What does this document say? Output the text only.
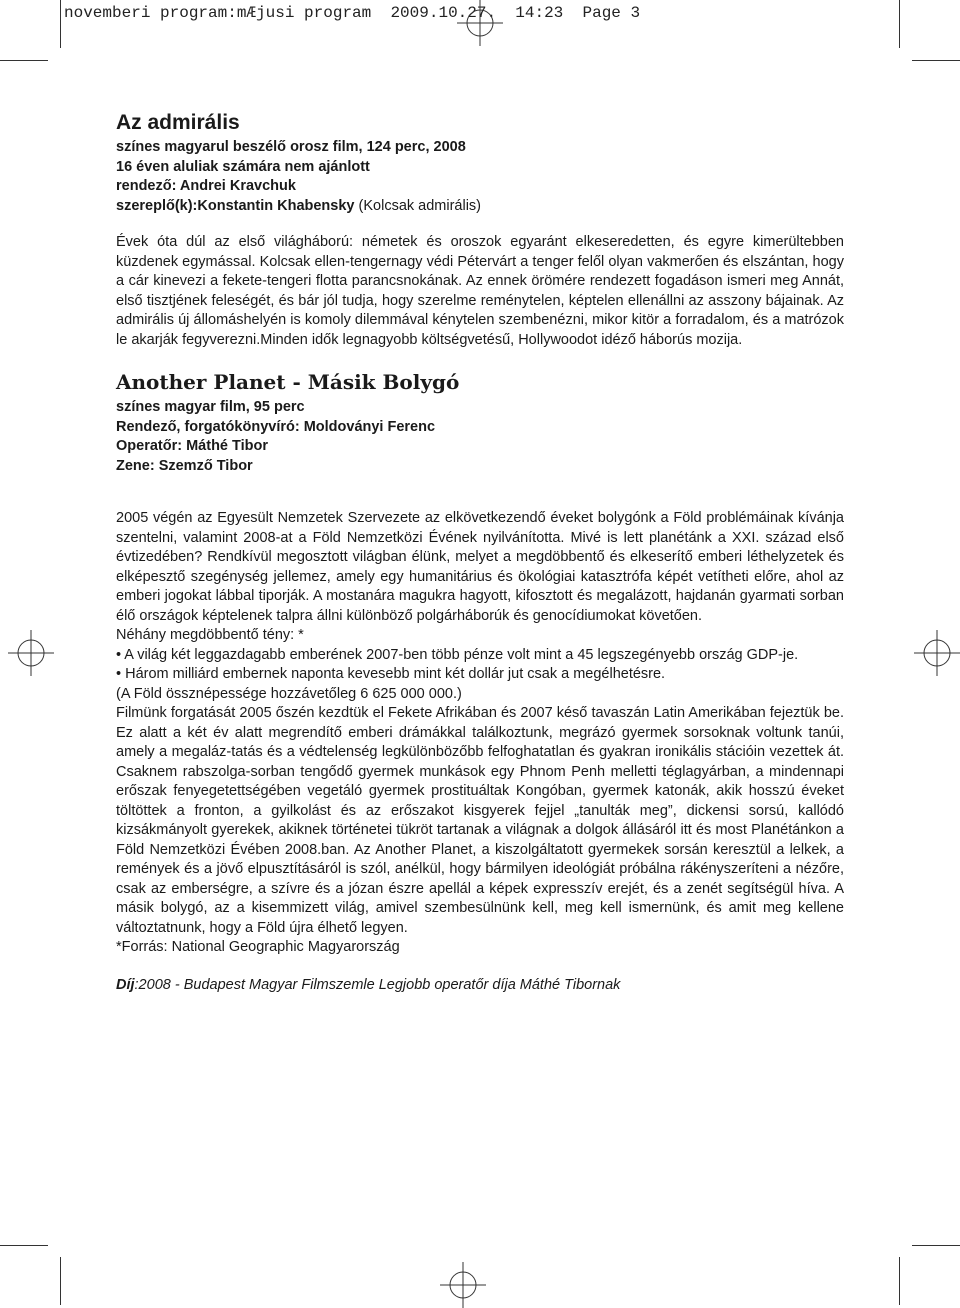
novemberi program:mÆjusi program  2009.10.27.  14:23  Page 3
Az admirális
színes magyarul beszélő orosz film, 124 perc, 2008
16 éven aluliak számára nem ajánlott
rendező: Andrei Kravchuk
szereplő(k):Konstantin Khabensky (Kolcsak admirális)

Évek óta dúl az első világháború: németek és oroszok egyaránt elkeseredetten, és egyre kimerültebben küzdenek egymással. Kolcsak ellen-tengernagy védi Pétervárt a tenger felől olyan vakmerően és elszántan, hogy a cár kinevezi a fekete-tengeri flotta parancsnokának. Az ennek örömére rendezett fogadáson ismeri meg Annát, első tisztjének feleségét, és bár jól tudja, hogy szerelme reménytelen, képtelen ellenállni az asszony bájainak. Az admirális új állomáshelyén is komoly dilemmával kénytelen szembenézni, mikor kitör a forradalom, és a matrózok le akarják fegyverezni.Minden idők legnagyobb költségvetésű, Hollywoodot idéző háborús mozija.

Another Planet - Másik Bolygó
színes magyar film, 95 perc
Rendező, forgatókönyvíró: Moldoványi Ferenc
Operatőr: Máthé Tibor
Zene: Szemző Tibor

2005 végén az Egyesült Nemzetek Szervezete az elkövetkezendő éveket bolygónk a Föld problémáinak kívánja szentelni, valamint 2008-at a Föld Nemzetközi Évének nyilvánította. Mivé is lett planétánk a XXI. század első évtizedében? Rendkívül megosztott világban élünk, melyet a megdöbbentő és elkeserítő emberi léthelyzetek és elképesztő szegénység jellemez, amely egy humanitárius és ökológiai katasztrófa képét vetítheti előre, ahol az emberi jogokat lábbal tiporják. A mostanára magukra hagyott, kifosztott és megalázott, hajdanán gyarmati sorban élő országok képtelenek talpra állni különböző polgárháborúk és genocídiumokat követően.

Néhány megdöbbentő tény: *

• A világ két leggazdagabb emberének 2007-ben több pénze volt mint a 45 legszegényebb ország GDP-je.

• Három milliárd embernek naponta kevesebb mint két dollár jut csak a megélhetésre.

(A Föld össznépessége hozzávetőleg 6 625 000 000.)

Filmünk forgatását 2005 őszén kezdtük el Fekete Afrikában és 2007 késő tavaszán Latin Amerikában fejeztük be. Ez alatt a két év alatt megrendítő emberi drámákkal találkoztunk, megrázó gyermek sorsoknak voltunk tanúi, amely a megaláz-tatás és a védtelenség legkülönbözőbb felfoghatatlan és gyakran ironikális stációin vezettek át. Csaknem rabszolga-sorban tengődő gyermek munkások egy Phnom Penh melletti téglagyárban, a mindennapi erőszak fenyegetettségében vegetáló gyermek prostituáltak Kongóban, gyermek katonák, akik hosszú éveket töltöttek a fronton, a gyilkolást és az erőszakot kisgyerek fejjel „tanulták meg”, dickensi sorsú, kallódó kizsákmányolt gyerekek, akiknek történetei tükröt tartanak a világnak a dolgok állásáról itt és most Planétánkon a Föld Nemzetközi Évében 2008.ban. Az Another Planet, a kiszolgáltatott gyermekek sorsán keresztül a lelkek, a remények és a jövő elpusztításáról is szól, anélkül, hogy bármilyen ideológiát próbálna rákényszeríteni a nézőre, csak az emberségre, a szívre és a józan észre apellál a képek expresszív erejét, és a zenét segítségül híva. A másik bolygó, az a kisemmizett világ, amivel szembesülnünk kell, meg kell ismernünk, és amit meg kellene változtatnunk, hogy a Föld újra élhető legyen.

*Forrás: National Geographic Magyarország

Díj:2008 - Budapest Magyar Filmszemle Legjobb operatőr díja Máthé Tibornak
